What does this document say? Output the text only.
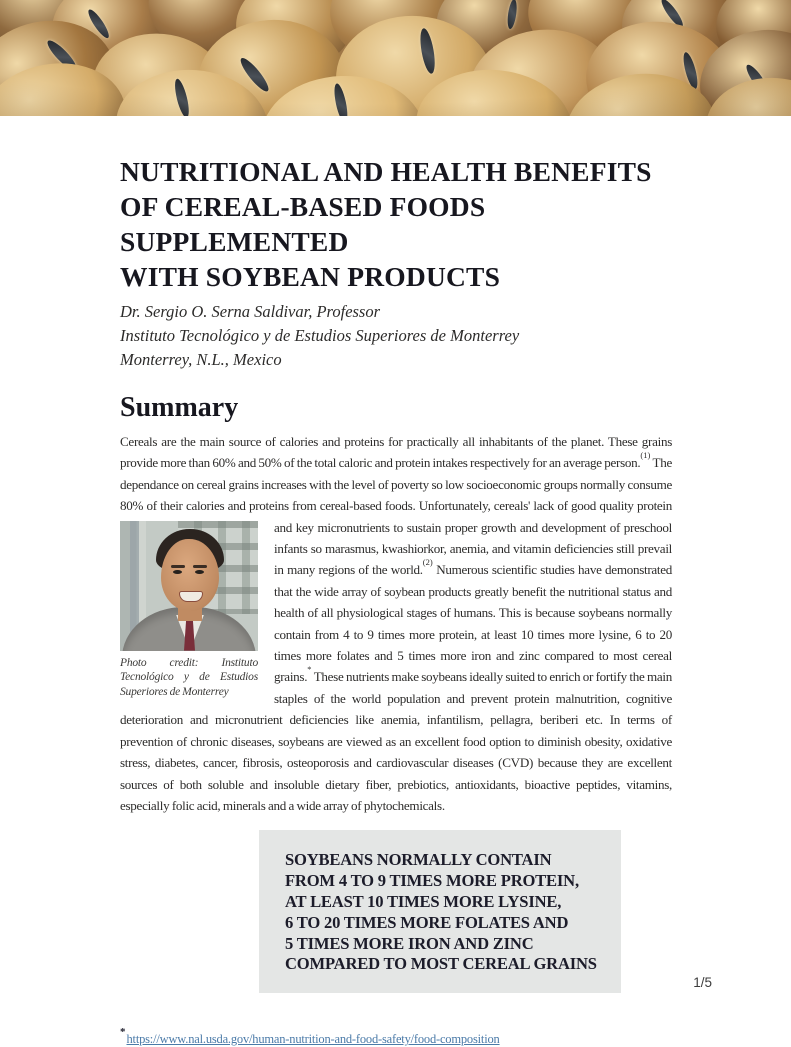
NUTRITIONAL AND HEALTH BENEFITS
OF CEREAL-BASED FOODS SUPPLEMENTED
WITH SOYBEAN PRODUCTS
Dr. Sergio O. Serna Saldivar, Professor
Instituto Tecnológico y de Estudios Superiores de Monterrey
Monterrey, N.L., Mexico
Summary

Cereals are the main source of calories and proteins for practically all inhabitants of the planet. These grains provide more than 60% and 50% of the total caloric and protein intakes respectively for an average person.$^{(1)}$ The dependance on cereal grains increases with the level of poverty so low socioeconomic groups normally consume 80% of their calories and proteins from cereal-based foods. Unfortunately, cereals' lack
Photo credit: Instituto Tecnológico y de Estudios Superiores de Monterrey
of good quality protein and key micronutrients to sustain proper growth and development of preschool infants so marasmus, kwashiorkor, anemia, and vitamin deficiencies still prevail in many regions of the world.$^{(2)}$ Numerous scientific studies have demonstrated that the wide array of soybean products greatly benefit the nutritional status and health of all physiological stages of humans. This is because soybeans normally contain from 4 to 9 times more protein, at least 10 times more lysine, 6 to 20 times more folates and 5 times more iron and zinc compared to most cereal grains.* These nutrients make soybeans ideally suited to enrich or fortify the main staples of the world population and prevent protein malnutrition, cognitive deterioration and micronutrient deficiencies like anemia, infantilism, pellagra, beriberi etc. In terms of prevention of chronic diseases, soybeans are viewed as an excellent food option to diminish obesity, oxidative stress, diabetes, cancer, fibrosis, osteoporosis and cardiovascular diseases (CVD) because they are excellent sources of both soluble and insoluble dietary fiber, prebiotics, antioxidants, bioactive peptides, vitamins, especially folic acid, minerals and a wide array of phytochemicals.

SOYBEANS NORMALLY CONTAIN
FROM 4 TO 9 TIMES MORE PROTEIN,
AT LEAST 10 TIMES MORE LYSINE,
6 TO 20 TIMES MORE FOLATES AND
5 TIMES MORE IRON AND ZINC
COMPARED TO MOST CEREAL GRAINS
*https://www.nal.usda.gov/human-nutrition-and-food-safety/food-composition
1/5
